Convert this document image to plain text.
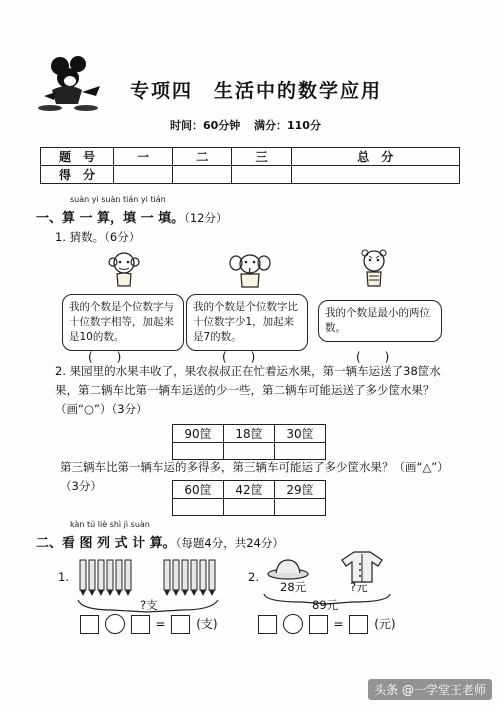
专项四　生活中的数学应用
时间：60分钟 满分：110分
题　号	一	二	三	总　分
得　分				
suàn yi suàn tián yi tián
一、算 一 算，填 一 填。（12分）
1. 猜数。（6分）
我的个数是个位数字与十位数字相等，加起来是10的数。
我的个数是个位数字比十位数字少1，加起来是7的数。
我的个数是最小的两位数。
(　　)	(　　)	(　　)
2. 果园里的水果丰收了，果农叔叔正在忙着运水果，第一辆车运送了38筐水果，第二辆车比第一辆车运送的少一些，第二辆车可能运送了多少筐水果？（画“○”）（3分）
90筐	18筐	30筐

第三辆车比第一辆车运的多得多，第三辆车可能运了多少筐水果？（画“△”）（3分）	60筐	42筐	29筐

kàn tú liè shì jì suàn
二、看 图 列 式 计 算。（每题4分，共24分）
1.
?支
=	(支)
2.
28元	?元
89元
=	(元)
头条 @一学堂王老师
